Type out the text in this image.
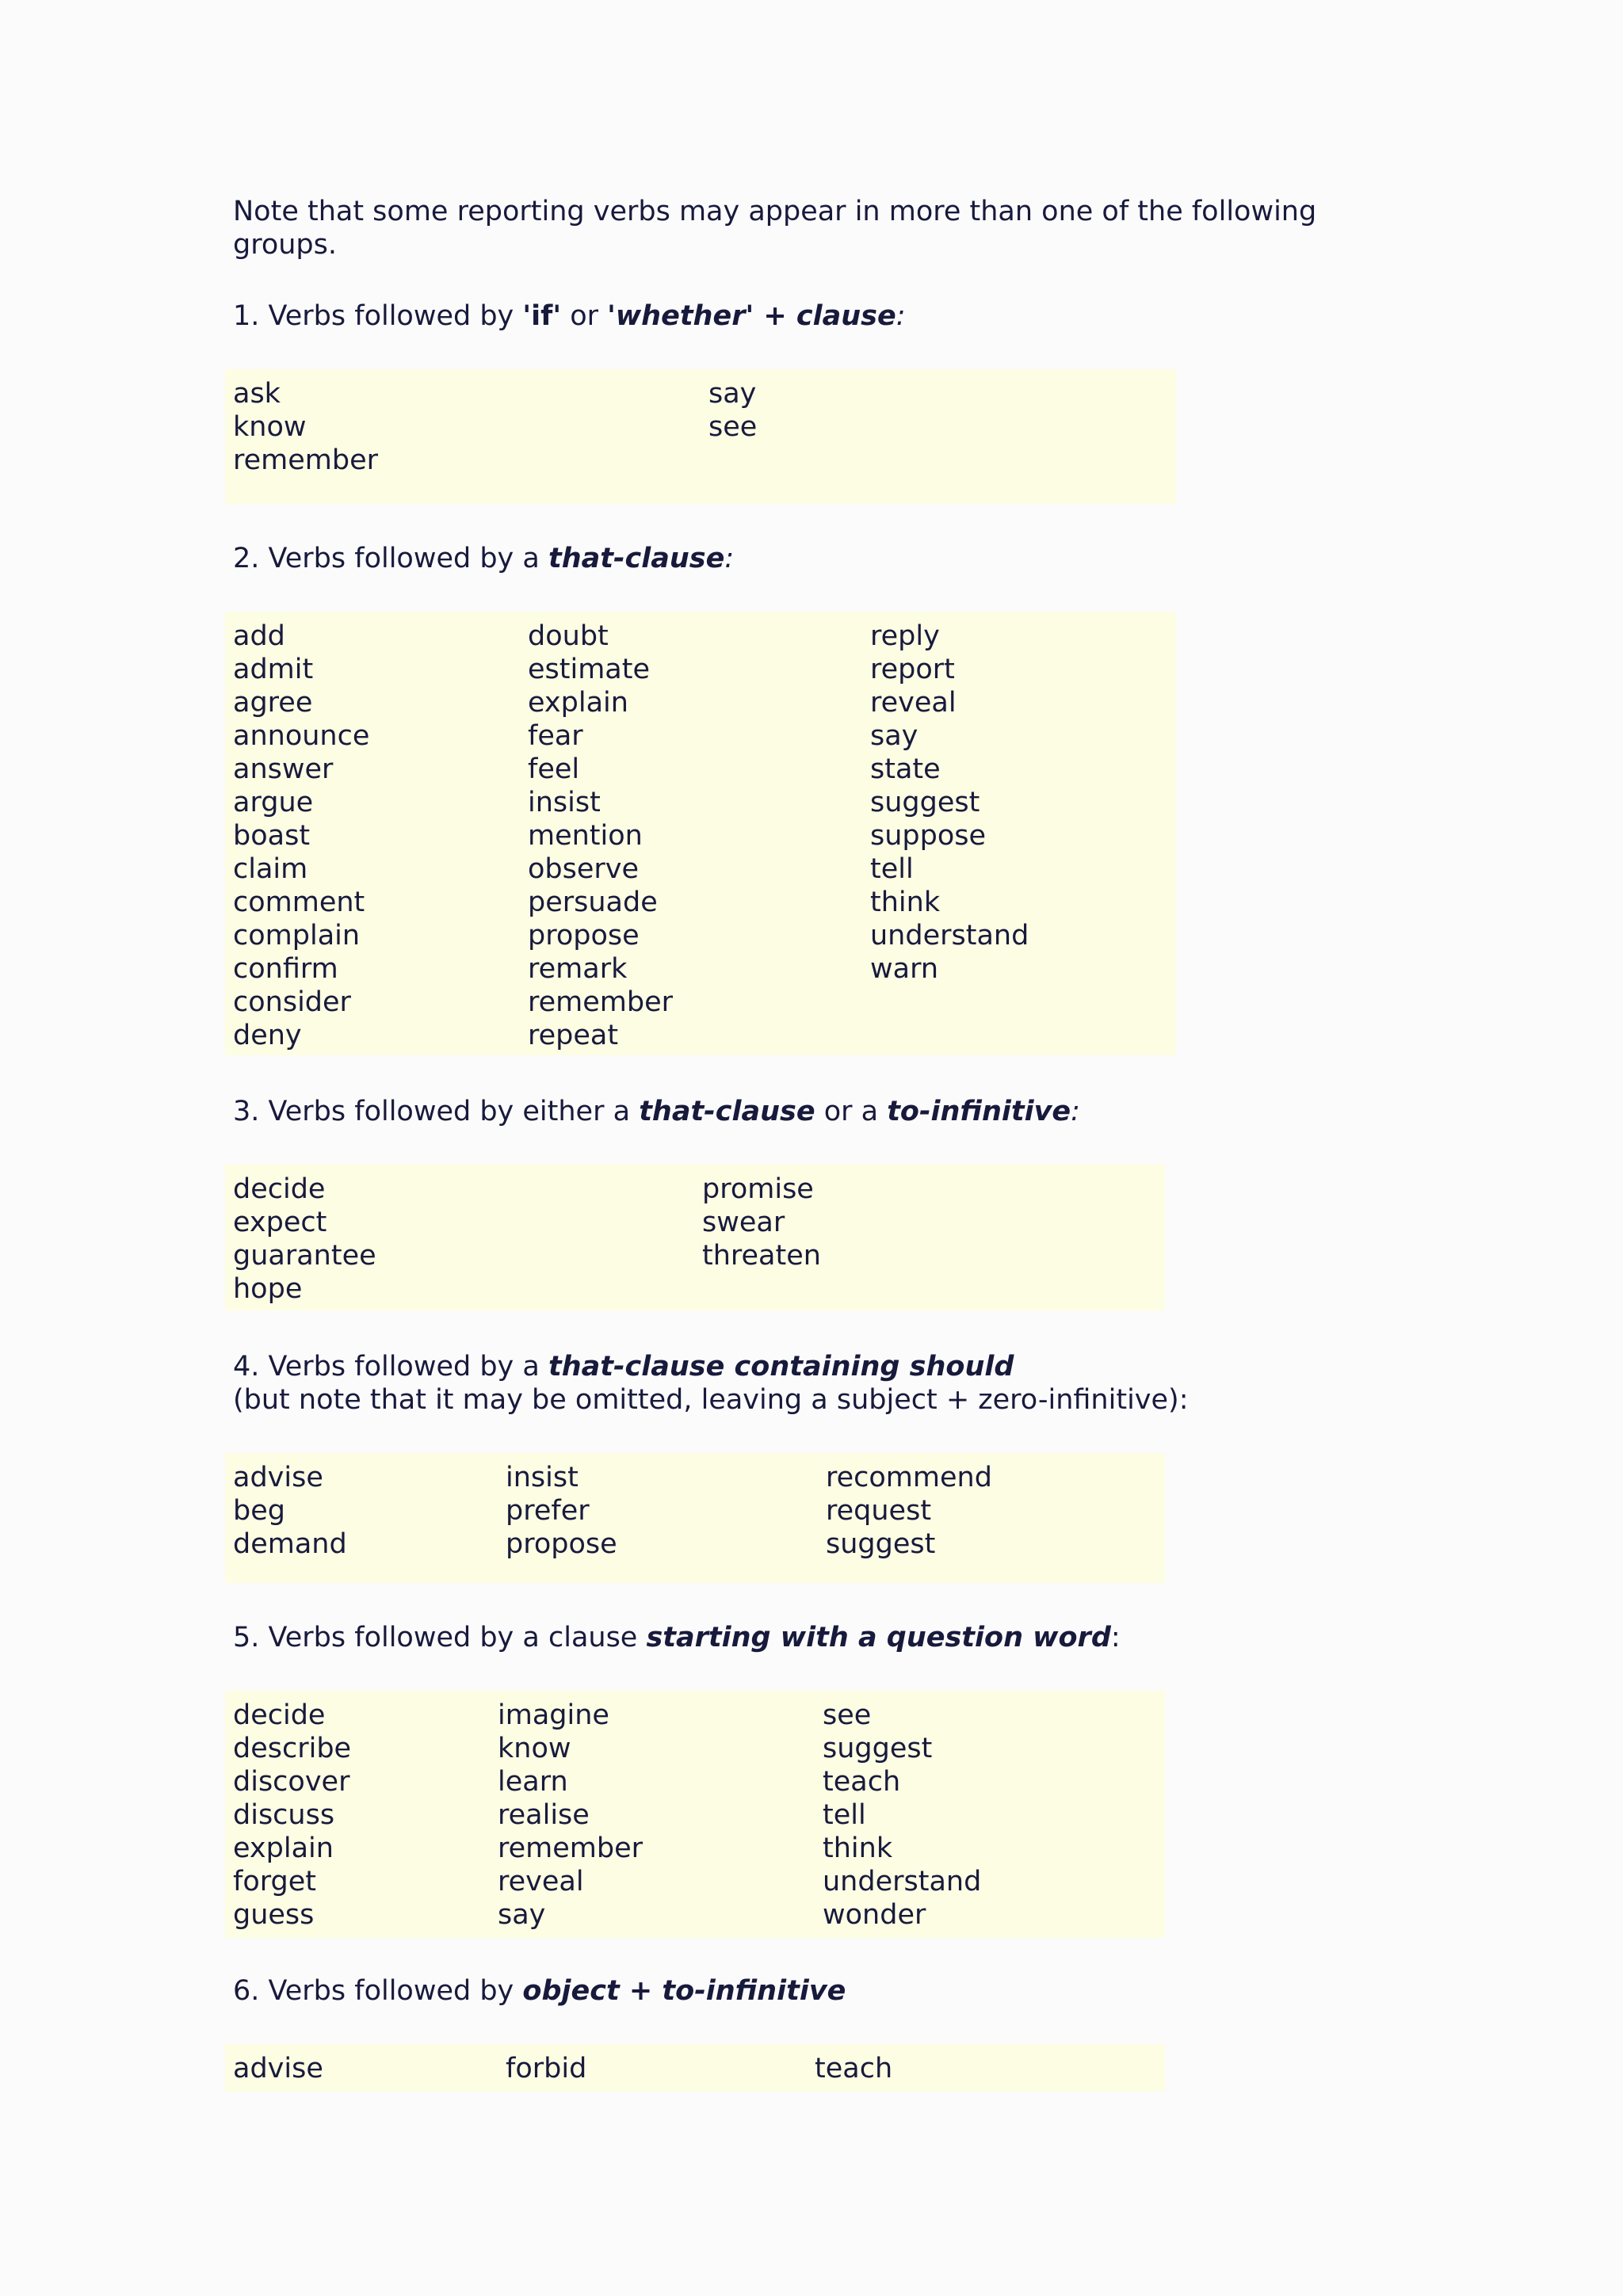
Note that some reporting verbs may appear in more than one of the following
groups.
1. Verbs followed by 'if' or 'whether' + clause:
ask
know
remember
say
see
2. Verbs followed by a that-clause:
add
admit
agree
announce
answer
argue
boast
claim
comment
complain
confirm
consider
deny
doubt
estimate
explain
fear
feel
insist
mention
observe
persuade
propose
remark
remember
repeat
reply
report
reveal
say
state
suggest
suppose
tell
think
understand
warn
3. Verbs followed by either a that-clause or a to-infinitive:
decide
expect
guarantee
hope
promise
swear
threaten
4. Verbs followed by a that-clause containing should
(but note that it may be omitted, leaving a subject + zero-infinitive):
advise
beg
demand
insist
prefer
propose
recommend
request
suggest
5. Verbs followed by a clause starting with a question word:
decide
describe
discover
discuss
explain
forget
guess
imagine
know
learn
realise
remember
reveal
say
see
suggest
teach
tell
think
understand
wonder
6. Verbs followed by object + to-infinitive
advise	forbid	teach
